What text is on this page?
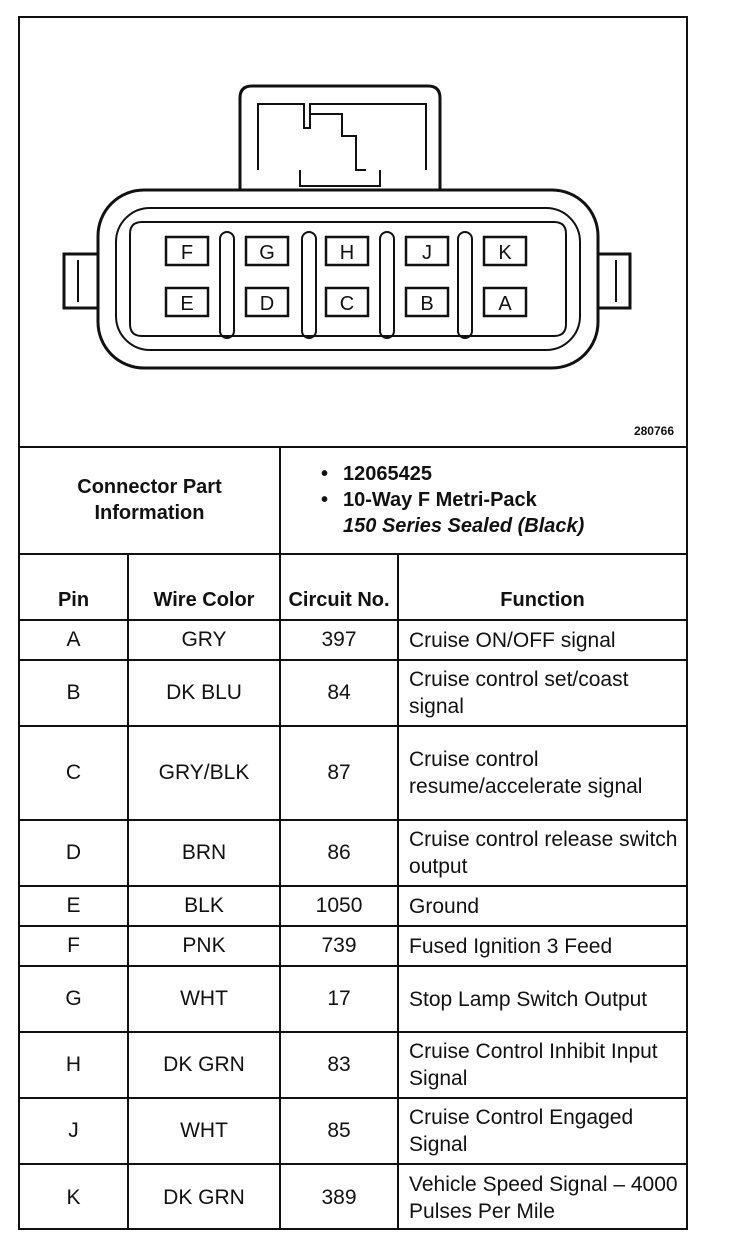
F	G	H	J	K
E	D	C	B	A
280766
Connector Part Information		• 12065425
• 10-Way F Metri-Pack
150 Series Sealed (Black)	

Pin	Wire Color	Circuit No.	Function
A	GRY	397	Cruise ON/OFF signal
B	DK BLU	84	Cruise control set/coast signal
C	GRY/BLK	87	Cruise control resume/accelerate signal
D	BRN	86	Cruise control release switch output
E	BLK	1050	Ground
F	PNK	739	Fused Ignition 3 Feed
G	WHT	17	Stop Lamp Switch Output
H	DK GRN	83	Cruise Control Inhibit Input Signal
J	WHT	85	Cruise Control Engaged Signal
K	DK GRN	389	Vehicle Speed Signal – 4000 Pulses Per Mile
